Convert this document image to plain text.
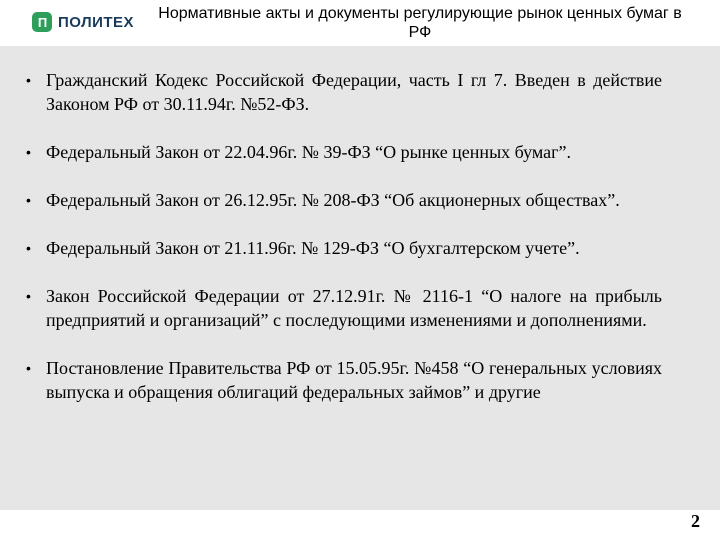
П ПОЛИТЕХ	Нормативные акты и документы регулирующие рынок ценных бумаг в РФ
• Гражданский Кодекс Российской Федерации, часть I гл 7. Введен в действие Законом РФ от 30.11.94г. №52-ФЗ.
• Федеральный Закон от 22.04.96г. № 39-ФЗ “О рынке ценных бумаг”.
• Федеральный Закон от 26.12.95г. № 208-ФЗ “Об акционерных обществах”.
• Федеральный Закон от 21.11.96г. № 129-ФЗ “О бухгалтерском учете”.
• Закон Российской Федерации от 27.12.91г. № 2116-1 “О налоге на прибыль предприятий и организаций” с последующими изменениями и дополнениями.
• Постановление Правительства РФ от 15.05.95г. №458 “О генеральных условиях выпуска и обращения облигаций федеральных займов” и другие
2
